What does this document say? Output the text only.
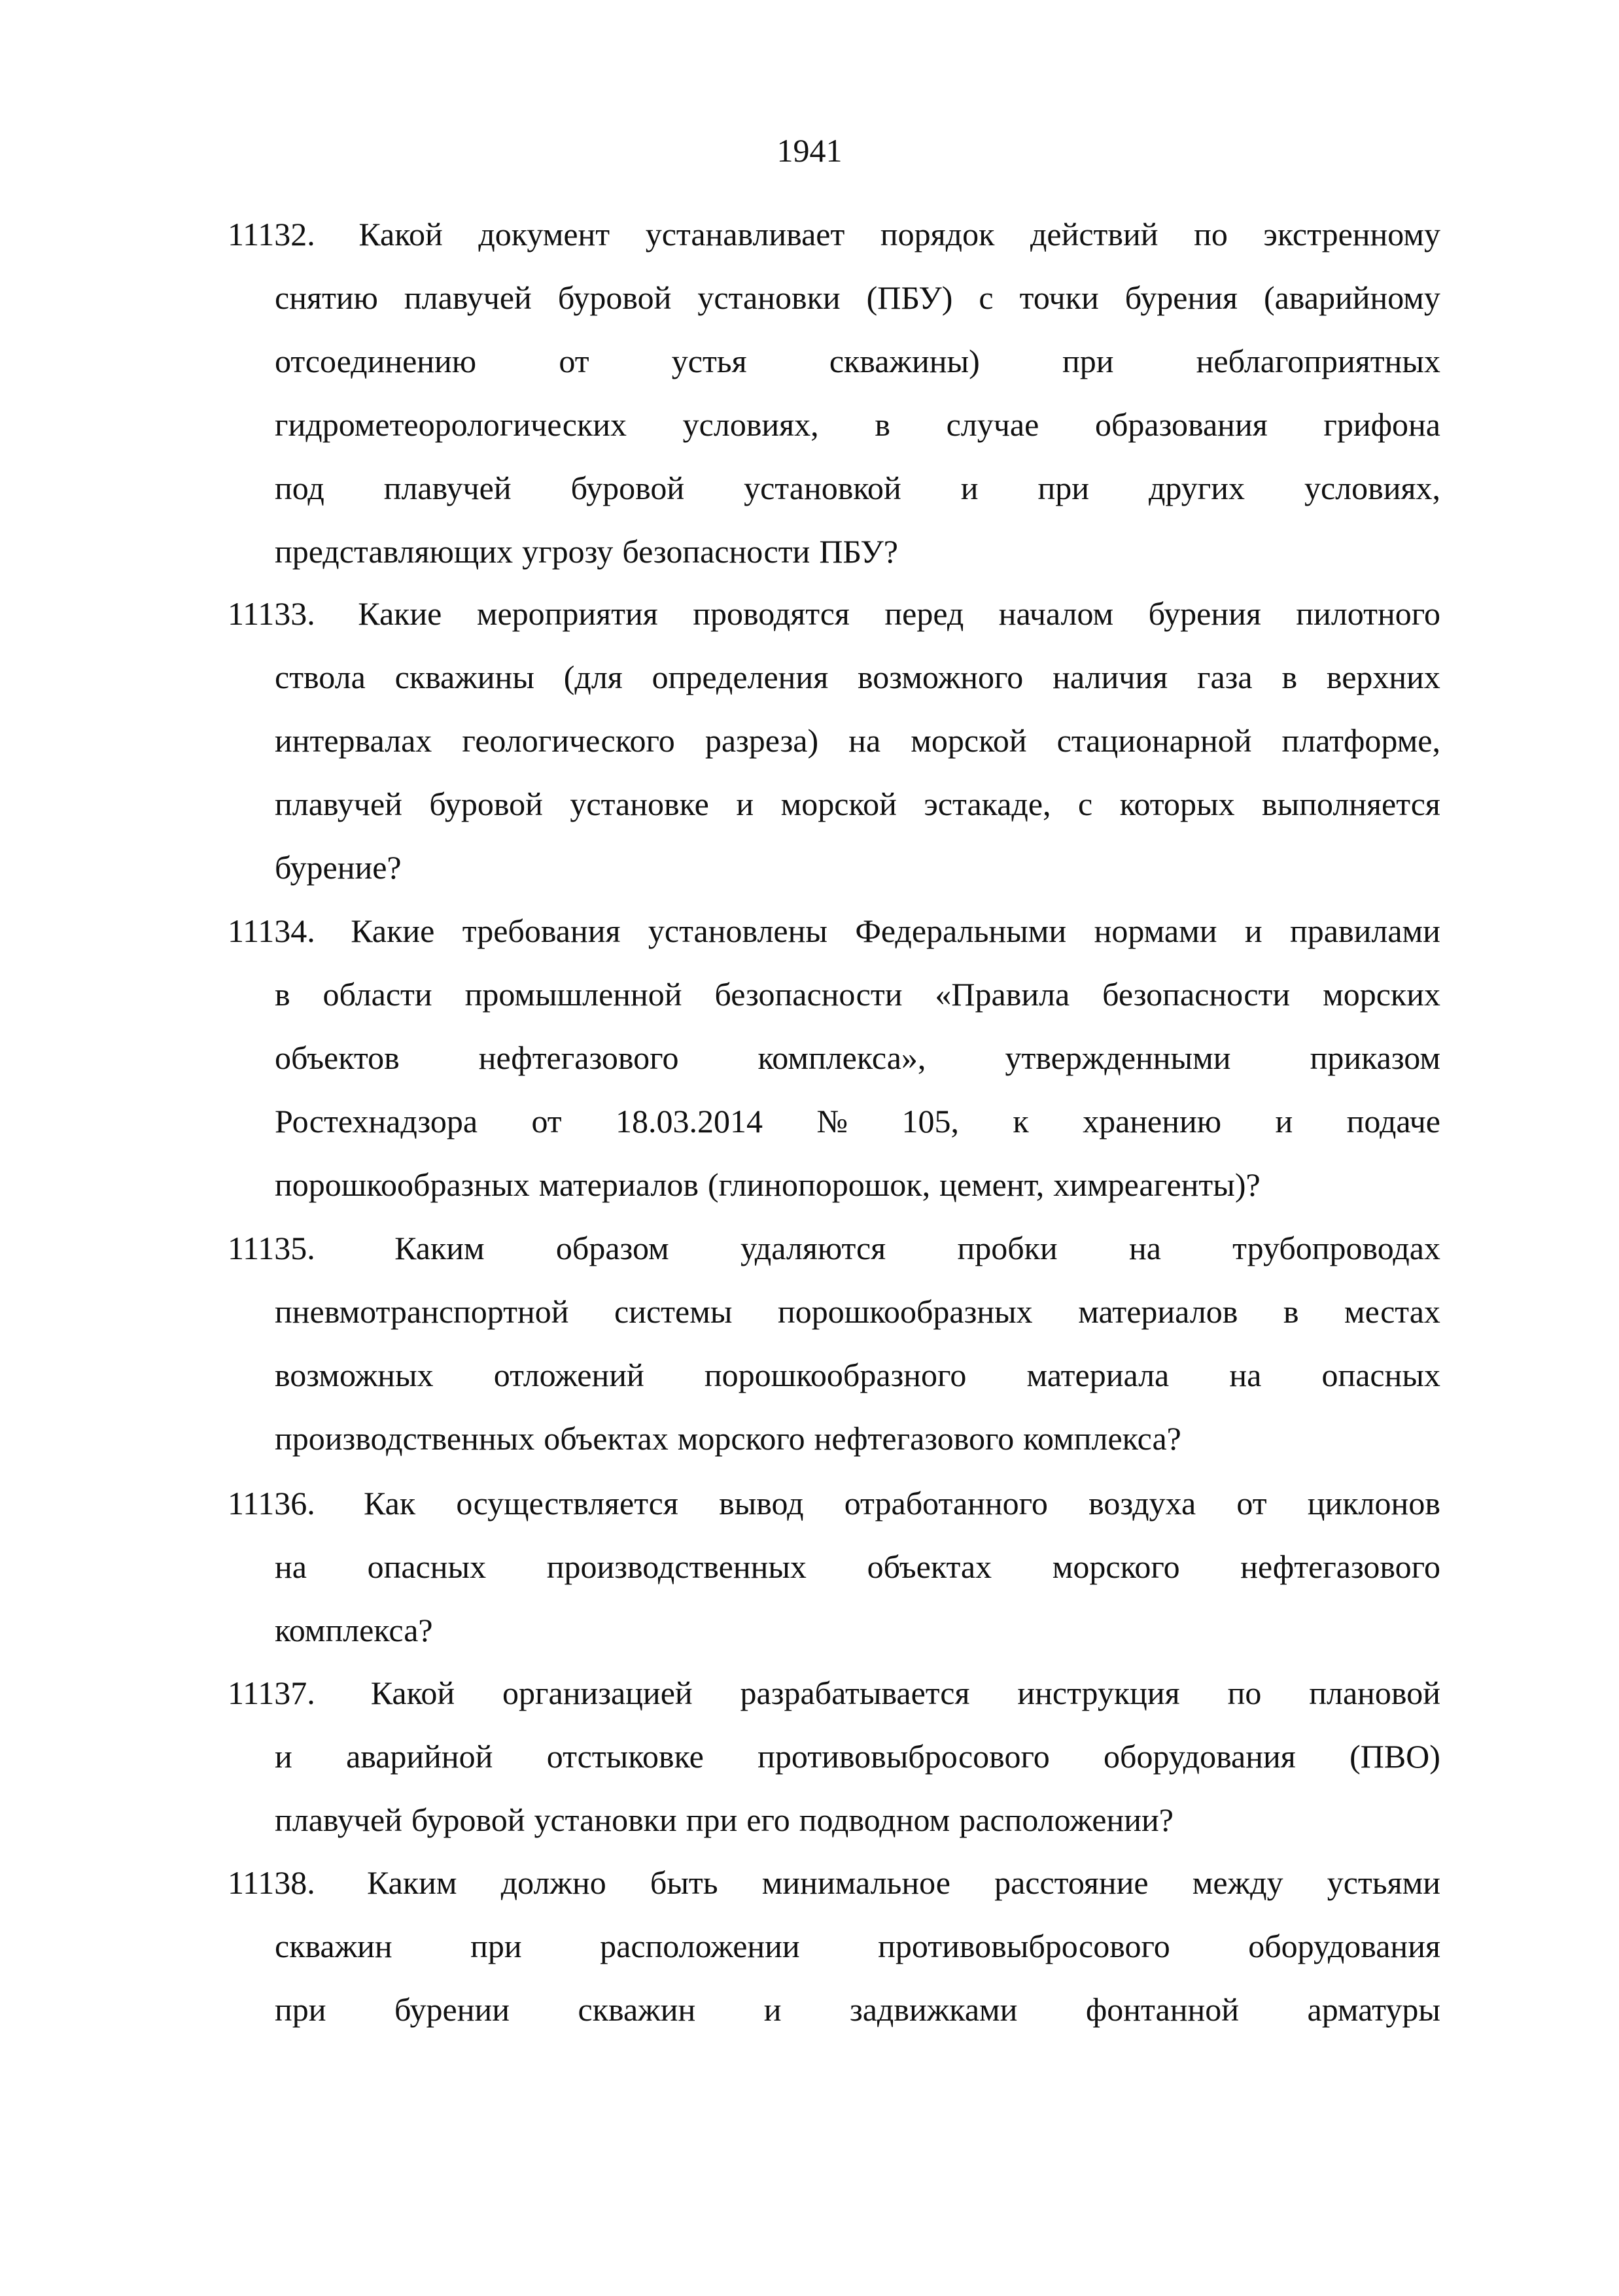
1941
11132. Какой документ устанавливает порядок действий по экстренному
снятию плавучей буровой установки (ПБУ) с точки бурения (аварийному
отсоединению	от	устья	скважины)	при	неблагоприятных
гидрометеорологических условиях, в случае образования грифона
под плавучей буровой установкой и при других условиях,
представляющих угрозу безопасности ПБУ?
11133. Какие мероприятия проводятся перед началом бурения пилотного
ствола скважины (для определения возможного наличия газа в верхних
интервалах геологического разреза) на морской стационарной платформе,
плавучей буровой установке и морской эстакаде, с которых выполняется
бурение?
11134. Какие требования установлены Федеральными нормами и правилами
в области промышленной безопасности «Правила безопасности морских
объектов нефтегазового комплекса», утвержденными приказом
Ростехнадзора от 18.03.2014 № 105, к хранению и подаче
порошкообразных материалов (глинопорошок, цемент, химреагенты)?
11135. Каким образом удаляются пробки на трубопроводах
пневмотранспортной системы порошкообразных материалов в местах
возможных отложений порошкообразного материала на опасных
производственных объектах морского нефтегазового комплекса?
11136. Как осуществляется вывод отработанного воздуха от циклонов
на опасных производственных объектах морского нефтегазового
комплекса?
11137. Какой организацией разрабатывается инструкция по плановой
и аварийной отстыковке противовыбросового оборудования (ПВО)
плавучей буровой установки при его подводном расположении?
11138. Каким должно быть минимальное расстояние между устьями
скважин при расположении противовыбросового оборудования
при бурении скважин и задвижками фонтанной арматуры
